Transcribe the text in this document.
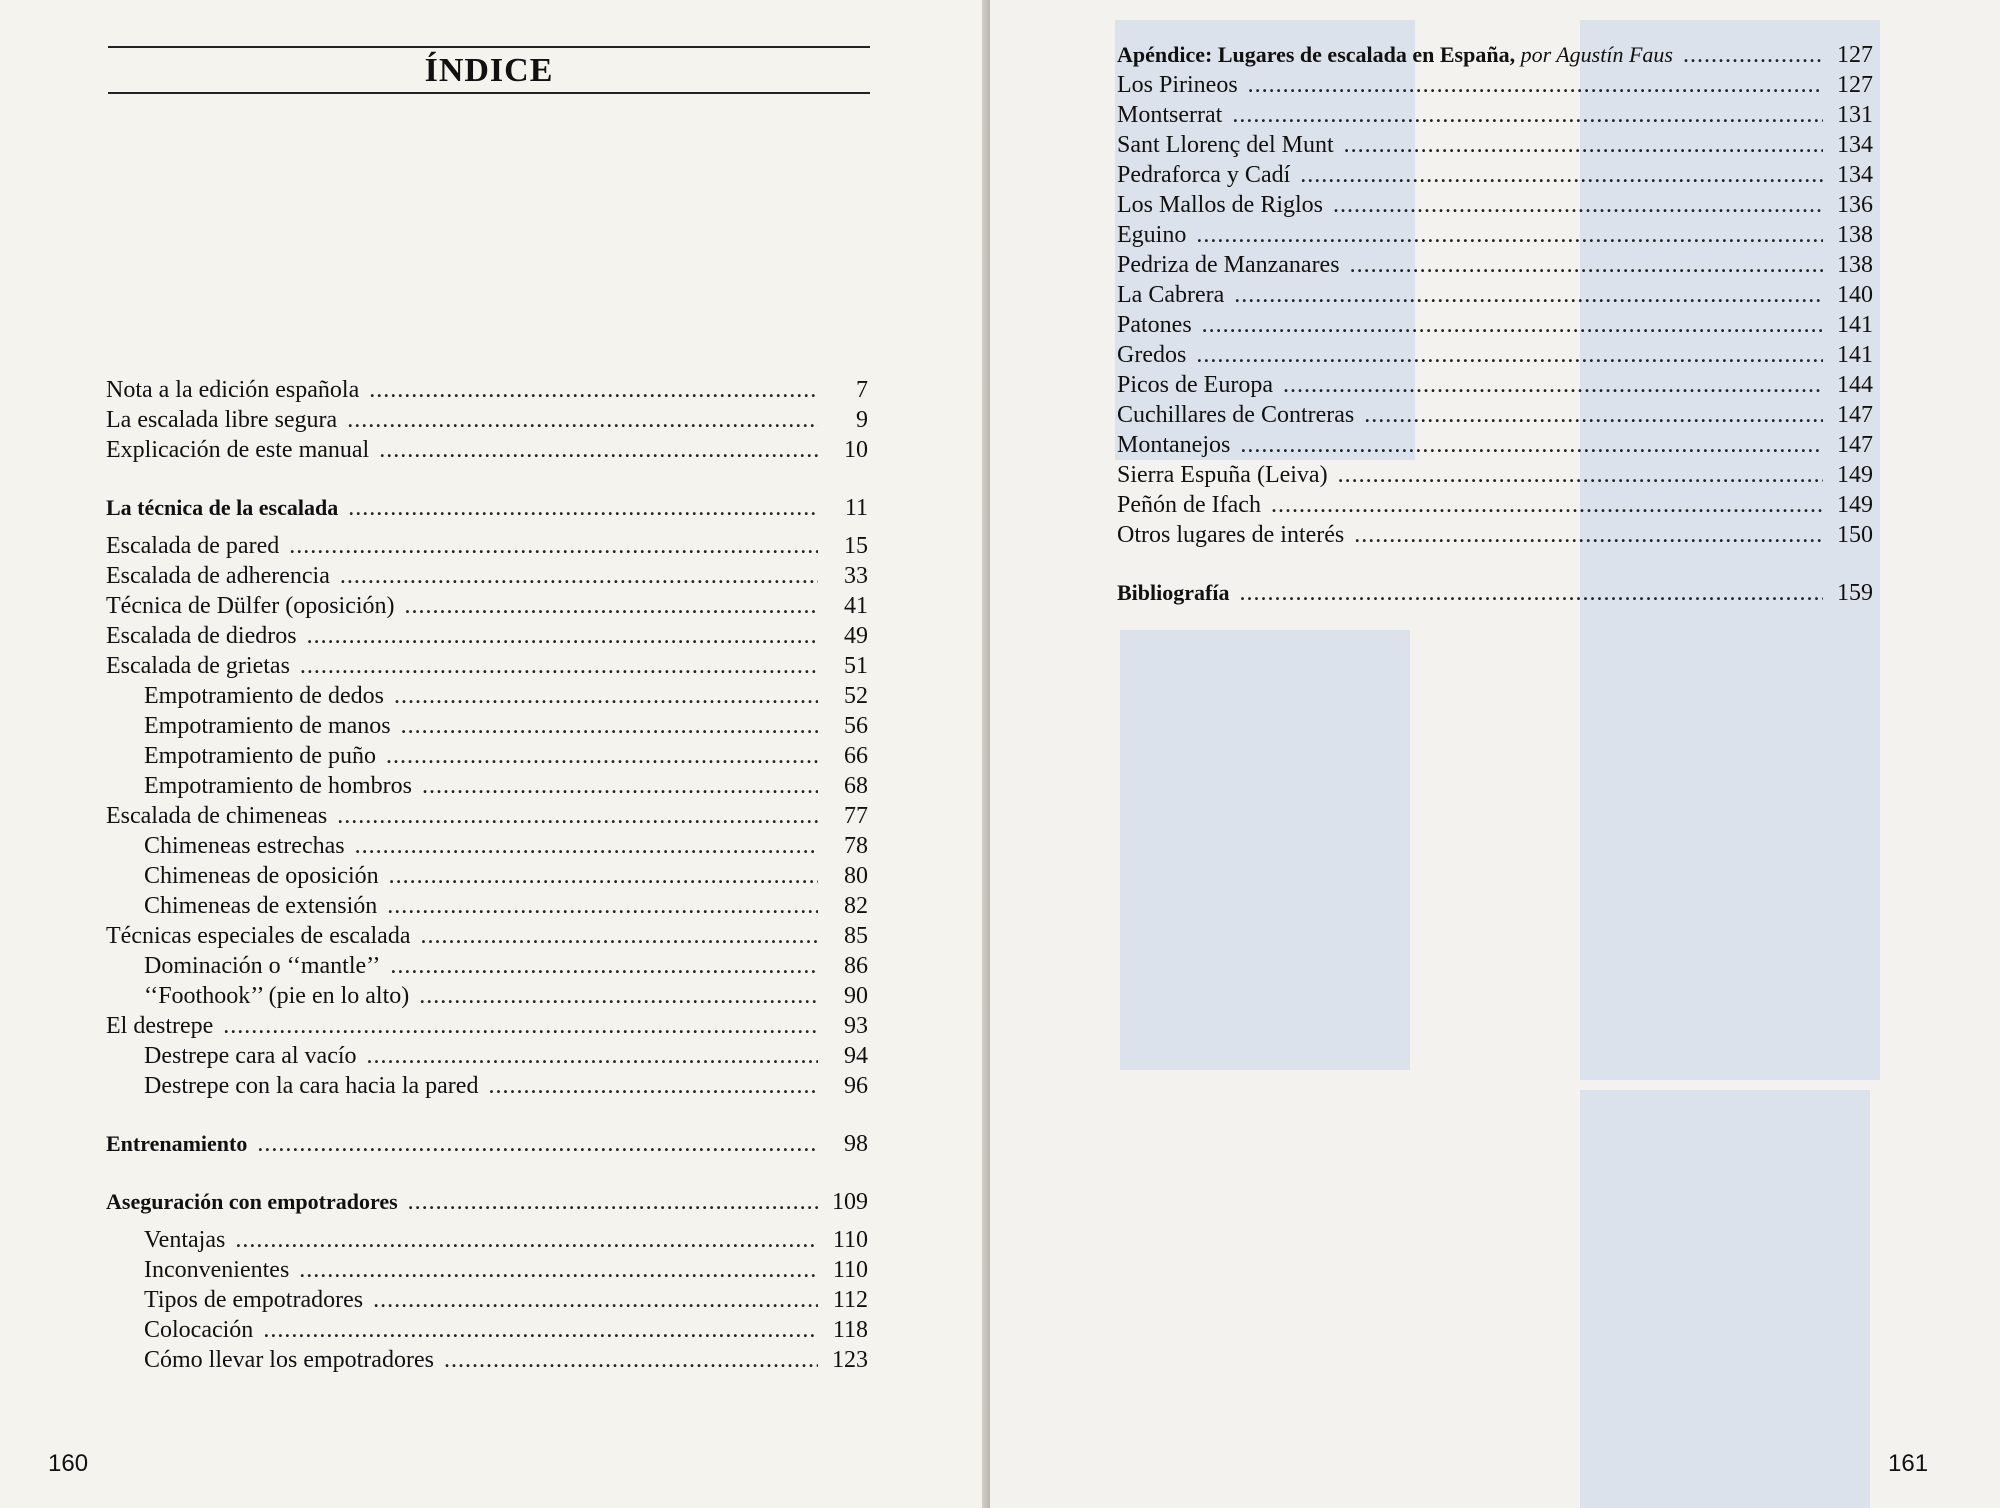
ÍNDICE
Nota a la edición española .....	7
La escalada libre segura .....	9
Explicación de este manual .....	10
La técnica de la escalada .....	11
Escalada de pared .....	15
Escalada de adherencia .....	33
Técnica de Dülfer (oposición) .....	41
Escalada de diedros .....	49
Escalada de grietas .....	51
Empotramiento de dedos .....	52
Empotramiento de manos .....	56
Empotramiento de puño .....	66
Empotramiento de hombros .....	68
Escalada de chimeneas .....	77
Chimeneas estrechas .....	78
Chimeneas de oposición .....	80
Chimeneas de extensión .....	82
Técnicas especiales de escalada .....	85
Dominación o ‘‘mantle’’ .....	86
‘‘Foothook’’ (pie en lo alto) .....	90
El destrepe .....	93
Destrepe cara al vacío .....	94
Destrepe con la cara hacia la pared .....	96
Entrenamiento .....	98
Aseguración con empotradores .....	109
Ventajas .....	110
Inconvenientes .....	110
Tipos de empotradores .....	112
Colocación .....	118
Cómo llevar los empotradores .....	123
160
Apéndice: Lugares de escalada en España, por Agustín Faus .....	127
Los Pirineos .....	127
Montserrat .....	131
Sant Llorenç del Munt .....	134
Pedraforca y Cadí .....	134
Los Mallos de Riglos .....	136
Eguino .....	138
Pedriza de Manzanares .....	138
La Cabrera .....	140
Patones .....	141
Gredos .....	141
Picos de Europa .....	144
Cuchillares de Contreras .....	147
Montanejos .....	147
Sierra Espuña (Leiva) .....	149
Peñón de Ifach .....	149
Otros lugares de interés .....	150
Bibliografía .....	159
161
